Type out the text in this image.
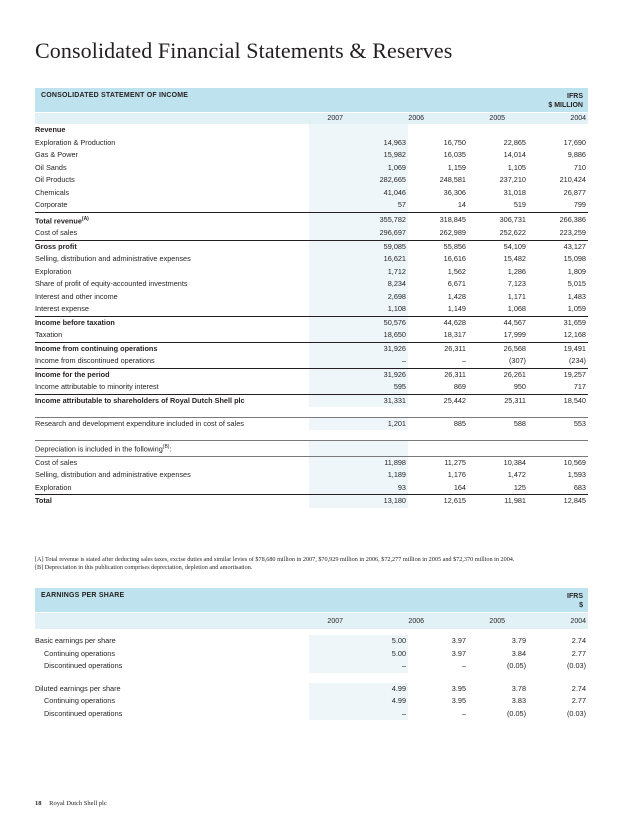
Consolidated Financial Statements & Reserves
CONSOLIDATED STATEMENT OF INCOME	IFRS
$ MILLION
2007	2006	2005	2004
Revenue				
Exploration & Production	14,963	16,750	22,865	17,690
Gas & Power	15,982	16,035	14,014	9,886
Oil Sands	1,069	1,159	1,105	710
Oil Products	282,665	248,581	237,210	210,424
Chemicals	41,046	36,306	31,018	26,877
Corporate	57	14	519	799
Total revenue$^{(A)}$	355,782	318,845	306,731	266,386
Cost of sales	296,697	262,989	252,622	223,259
Gross profit	59,085	55,856	54,109	43,127
Selling, distribution and administrative expenses	16,621	16,616	15,482	15,098
Exploration	1,712	1,562	1,286	1,809
Share of profit of equity-accounted investments	8,234	6,671	7,123	5,015
Interest and other income	2,698	1,428	1,171	1,483
Interest expense	1,108	1,149	1,068	1,059
Income before taxation	50,576	44,628	44,567	31,659
Taxation	18,650	18,317	17,999	12,168
Income from continuing operations	31,926	26,311	26,568	19,491
Income from discontinued operations	–	–	(307)	(234)
Income for the period	31,926	26,311	26,261	19,257
Income attributable to minority interest	595	869	950	717
Income attributable to shareholders of Royal Dutch Shell plc	31,331	25,442	25,311	18,540

Research and development expenditure included in cost of sales	1,201	885	588	553

Depreciation is included in the following$^{(B)}$:				
Cost of sales	11,898	11,275	10,384	10,569
Selling, distribution and administrative expenses	1,189	1,176	1,472	1,593
Exploration	93	164	125	683
Total	13,180	12,615	11,981	12,845
[A] Total revenue is stated after deducting sales taxes, excise duties and similar levies of $78,680 million in 2007, $70,929 million in 2006, $72,277 million in 2005 and $72,370 million in 2004.
[B] Depreciation in this publication comprises depreciation, depletion and amortisation.
EARNINGS PER SHARE	IFRS
$
2007	2006	2005	2004
Basic earnings per share	5.00	3.97	3.79	2.74
Continuing operations	5.00	3.97	3.84	2.77
Discontinued operations	–	–	(0.05)	(0.03)

Diluted earnings per share	4.99	3.95	3.78	2.74
Continuing operations	4.99	3.95	3.83	2.77
Discontinued operations	–	–	(0.05)	(0.03)
18 Royal Dutch Shell plc
